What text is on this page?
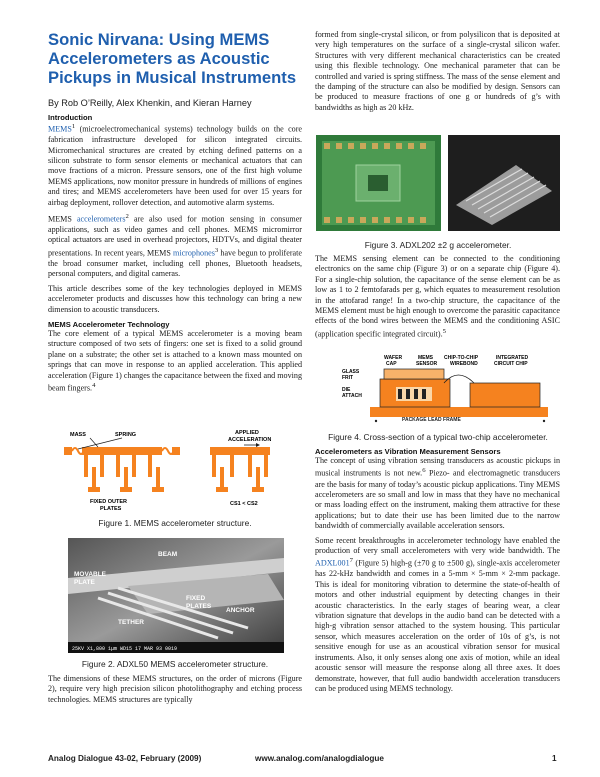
Sonic Nirvana: Using MEMS Accelerometers as Acoustic Pickups in Musical Instruments
By Rob O’Reilly, Alex Khenkin, and Kieran Harney
Introduction

MEMS$^1$ (microelectromechanical systems) technology builds on the core fabrication infrastructure developed for silicon integrated circuits. Micromechanical structures are created by etching defined patterns on a silicon substrate to form sensor elements or mechanical actuators that can move fractions of a micron. Pressure sensors, one of the first high volume MEMS applications, now monitor pressure in hundreds of millions of engines and tires; and MEMS accelerometers have been used for over 15 years for airbag deployment, rollover detection, and automotive alarm systems.

MEMS accelerometers$^2$ are also used for motion sensing in consumer applications, such as video games and cell phones. MEMS micromirror optical actuators are used in overhead projectors, HDTVs, and digital theater presentations. In recent years, MEMS microphones$^3$ have begun to proliferate the broad consumer market, including cell phones, Bluetooth headsets, personal computers, and digital cameras.

This article describes some of the key technologies deployed in MEMS accelerometer products and discusses how this technology can bring a new dimension to acoustic transducers.

MEMS Accelerometer Technology

The core element of a typical MEMS accelerometer is a moving beam structure composed of two sets of fingers: one set is fixed to a solid ground plane on a substrate; the other set is attached to a known mass mounted on springs that can move in response to an applied acceleration. This applied acceleration (Figure 1) changes the capacitance between the fixed and moving beam fingers.$^4$

MASS	SPRING
FIXED OUTER
PLATES
APPLIED
ACCELERATION
CS1 < CS2
Figure 1. MEMS accelerometer structure.
BEAM
MOVABLE
PLATE
FIXED
PLATES
ANCHOR
TETHER
25KV X1,800 1μm WD15 17 MAR 93 0019
Figure 2. ADXL50 MEMS accelerometer structure.

The dimensions of these MEMS structures, on the order of microns (Figure 2), require very high precision silicon photolithography and etching process technologies. MEMS structures are typically

formed from single-crystal silicon, or from polysilicon that is deposited at very high temperatures on the surface of a single-crystal silicon wafer. Structures with very different mechanical characteristics can be created using this flexible technology. One mechanical parameter that can be controlled and varied is spring stiffness. The mass of the sense element and the damping of the structure can also be modified by design. Sensors can be produced to measure fractions of one g or hundreds of g’s with bandwidths as high as 20 kHz.

Figure 3. ADXL202 ±2 g accelerometer.

The MEMS sensing element can be connected to the conditioning electronics on the same chip (Figure 3) or on a separate chip (Figure 4). For a single-chip solution, the capacitance of the sense element can be as low as 1 to 2 femtofarads per g, which equates to measurement resolution in the attofarad range! In a two-chip structure, the capacitance of the MEMS element must be high enough to overcome the parasitic capacitance effects of the bond wires between the MEMS and the conditioning ASIC (application specific integrated circuit).$^5$

WAFER
CAP
MEMS
SENSOR
CHIP-TO-CHIP
WIREBOND
INTEGRATED
CIRCUIT CHIP
GLASS
FRIT
DIE
ATTACH
PACKAGE LEAD FRAME
Figure 4. Cross-section of a typical two-chip accelerometer.
Accelerometers as Vibration Measurement Sensors

The concept of using vibration sensing transducers as acoustic pickups in musical instruments is not new.$^6$ Piezo- and electromagnetic transducers are the basis for many of today’s acoustic pickup applications. Tiny MEMS accelerometers are so small and low in mass that they have no mechanical or mass loading effect on the instrument, making them attractive for these applications; but to date their use has been limited due to the narrow bandwidth of commercially available acceleration sensors.

Some recent breakthroughs in accelerometer technology have enabled the production of very small accelerometers with very wide bandwidth. The $ADXL001^7$ (Figure 5) high-g (±70 g to ±500 g), single-axis accelerometer has 22-kHz bandwidth and comes in a 5-mm × 5-mm × 2-mm package. This is ideal for monitoring vibration to determine the state-of-health of motors and other industrial equipment by detecting changes in their acoustic characteristics. In the early stages of bearing wear, a clear vibration signature that develops in the audio band can be detected with a high-g vibration sensor attached to the system housing. This particular sensor, which measures acceleration on the order of 10s of g’s, is not sensitive enough for use as an acoustical vibration sensor for musical instruments. Also, it only senses along one axis of motion, while an ideal acoustic sensor will measure the response along all three axes. It does demonstrate, however, that full audio bandwidth acceleration transducers can be produced using MEMS technology.

Analog Dialogue 43-02, February (2009)	www.analog.com/analogdialogue	1
